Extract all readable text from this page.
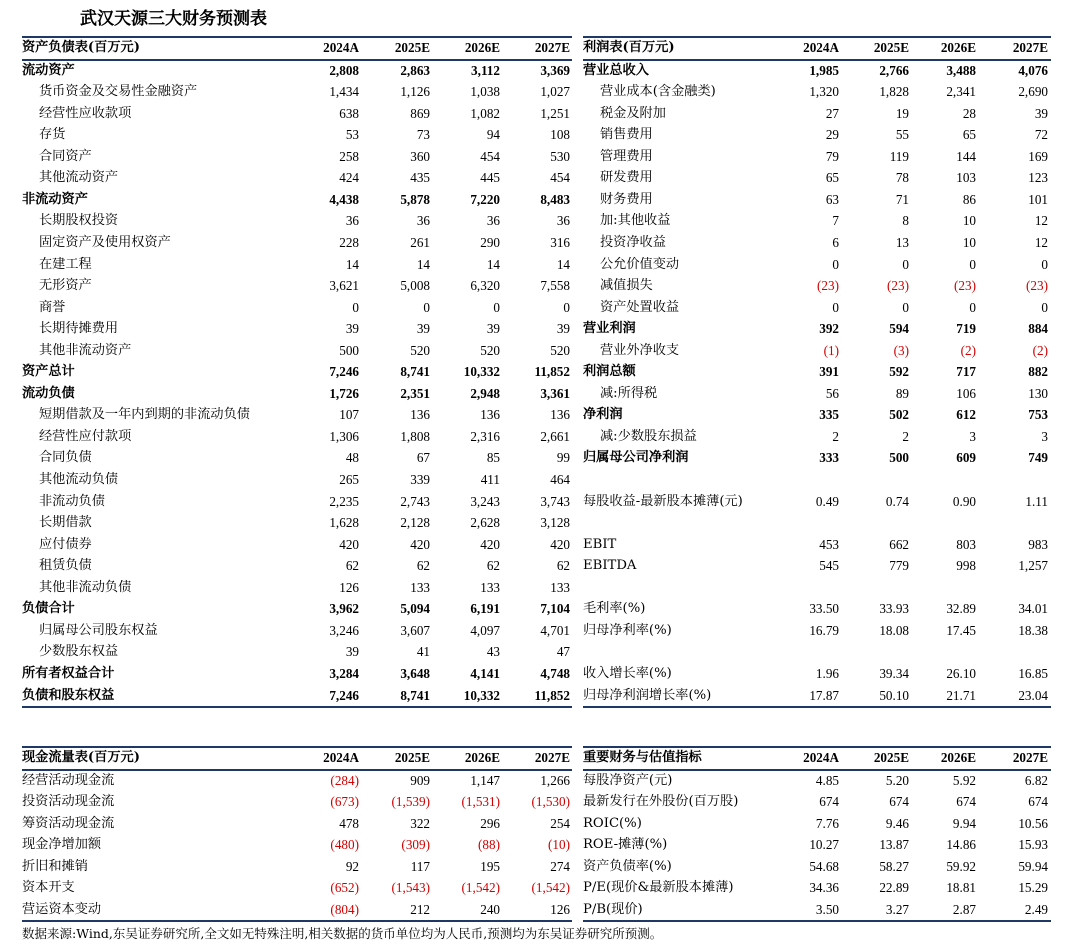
武汉天源三大财务预测表
资产负债表(百万元)	2024A	2025E	2026E	2027E
流动资产	2,808	2,863	3,112	3,369
货币资金及交易性金融资产	1,434	1,126	1,038	1,027
经营性应收款项	638	869	1,082	1,251
存货	53	73	94	108
合同资产	258	360	454	530
其他流动资产	424	435	445	454
非流动资产	4,438	5,878	7,220	8,483
长期股权投资	36	36	36	36
固定资产及使用权资产	228	261	290	316
在建工程	14	14	14	14
无形资产	3,621	5,008	6,320	7,558
商誉	0	0	0	0
长期待摊费用	39	39	39	39
其他非流动资产	500	520	520	520
资产总计	7,246	8,741	10,332	11,852
流动负债	1,726	2,351	2,948	3,361
短期借款及一年内到期的非流动负债	107	136	136	136
经营性应付款项	1,306	1,808	2,316	2,661
合同负债	48	67	85	99
其他流动负债	265	339	411	464
非流动负债	2,235	2,743	3,243	3,743
长期借款	1,628	2,128	2,628	3,128
应付债券	420	420	420	420
租赁负债	62	62	62	62
其他非流动负债	126	133	133	133
负债合计	3,962	5,094	6,191	7,104
归属母公司股东权益	3,246	3,607	4,097	4,701
少数股东权益	39	41	43	47
所有者权益合计	3,284	3,648	4,141	4,748
负债和股东权益	7,246	8,741	10,332	11,852
利润表(百万元)	2024A	2025E 2026E	2027E
营业总收入	1,985	2,766	3,488	4,076
营业成本(含金融类)	1,320	1,828	2,341	2,690
税金及附加	27	19	28	39
销售费用	29	55	65	72
管理费用	79	119	144	169
研发费用	65	78	103	123
财务费用	63	71	86	101
加:其他收益	7	8	10	12
投资净收益	6	13	10	12
公允价值变动	0	0	0	0
减值损失	(23)	(23)	(23)	(23)
资产处置收益	0	0	0	0
营业利润	392	594	719	884
营业外净收支	(1)	(3)	(2)	(2)
利润总额	391	592	717	882
减:所得税	56	89	106	130
净利润	335	502	612	753
减:少数股东损益	2	2	3	3
归属母公司净利润	333	500	609	749
每股收益-最新股本摊薄(元)	0.49	0.74	0.90	1.11
EBIT	453	662	803	983
EBITDA	545	779	998	1,257
毛利率(%)	33.50	33.93	32.89	34.01
归母净利率(%)	16.79	18.08	17.45	18.38
收入增长率(%)	1.96	39.34	26.10	16.85
归母净利润增长率(%)	17.87	50.10	21.71	23.04
现金流量表(百万元)	2024A	2025E	2026E	2027E
经营活动现金流	(284)	909	1,147	1,266
投资活动现金流	(673) (1,539) (1,531) (1,530)
筹资活动现金流	478	322	296	254
现金净增加额	(480)	(309)	(88)	(10)
折旧和摊销	92	117	195	274
资本开支	(652) (1,543) (1,542) (1,542)
营运资本变动	(804)	212	240	126
重要财务与估值指标	2024A	2025E 2026E	2027E
每股净资产(元)	4.85	5.20	5.92	6.82
最新发行在外股份(百万股)	674	674	674	674
ROIC(%)	7.76	9.46	9.94	10.56
ROE-摊薄(%)	10.27	13.87	14.86	15.93
资产负债率(%)	54.68	58.27	59.92	59.94
P/E(现价&最新股本摊薄)	34.36	22.89	18.81	15.29
P/B(现价)	3.50	3.27	2.87	2.49
数据来源:Wind,东吴证券研究所,全文如无特殊注明,相关数据的货币单位均为人民币,预测均为东吴证券研究所预测。
